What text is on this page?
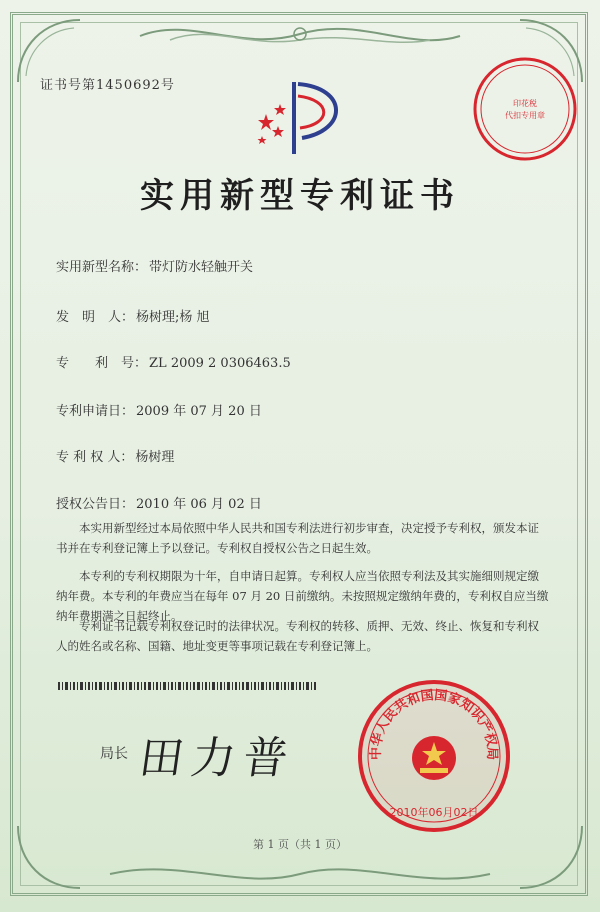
证书号第1450692号
印花税
代扣专用章
实用新型专利证书
实用新型名称： 带灯防水轻触开关
发　明　人： 杨树理;杨 旭
专　　利　号： ZL 2009 2 0306463.5
专利申请日： 2009 年 07 月 20 日
专 利 权 人： 杨树理
授权公告日： 2010 年 06 月 02 日
本实用新型经过本局依照中华人民共和国专利法进行初步审查，决定授予专利权，颁发本证书并在专利登记簿上予以登记。专利权自授权公告之日起生效。
本专利的专利权期限为十年，自申请日起算。专利权人应当依照专利法及其实施细则规定缴纳年费。本专利的年费应当在每年 07 月 20 日前缴纳。未按照规定缴纳年费的，专利权自应当缴纳年费期满之日起终止。
专利证书记载专利权登记时的法律状况。专利权的转移、质押、无效、终止、恢复和专利权人的姓名或名称、国籍、地址变更等事项记载在专利登记簿上。
局长 田力普	中华人民共和国国家知识产权局
2010年06月02日
第 1 页（共 1 页）
